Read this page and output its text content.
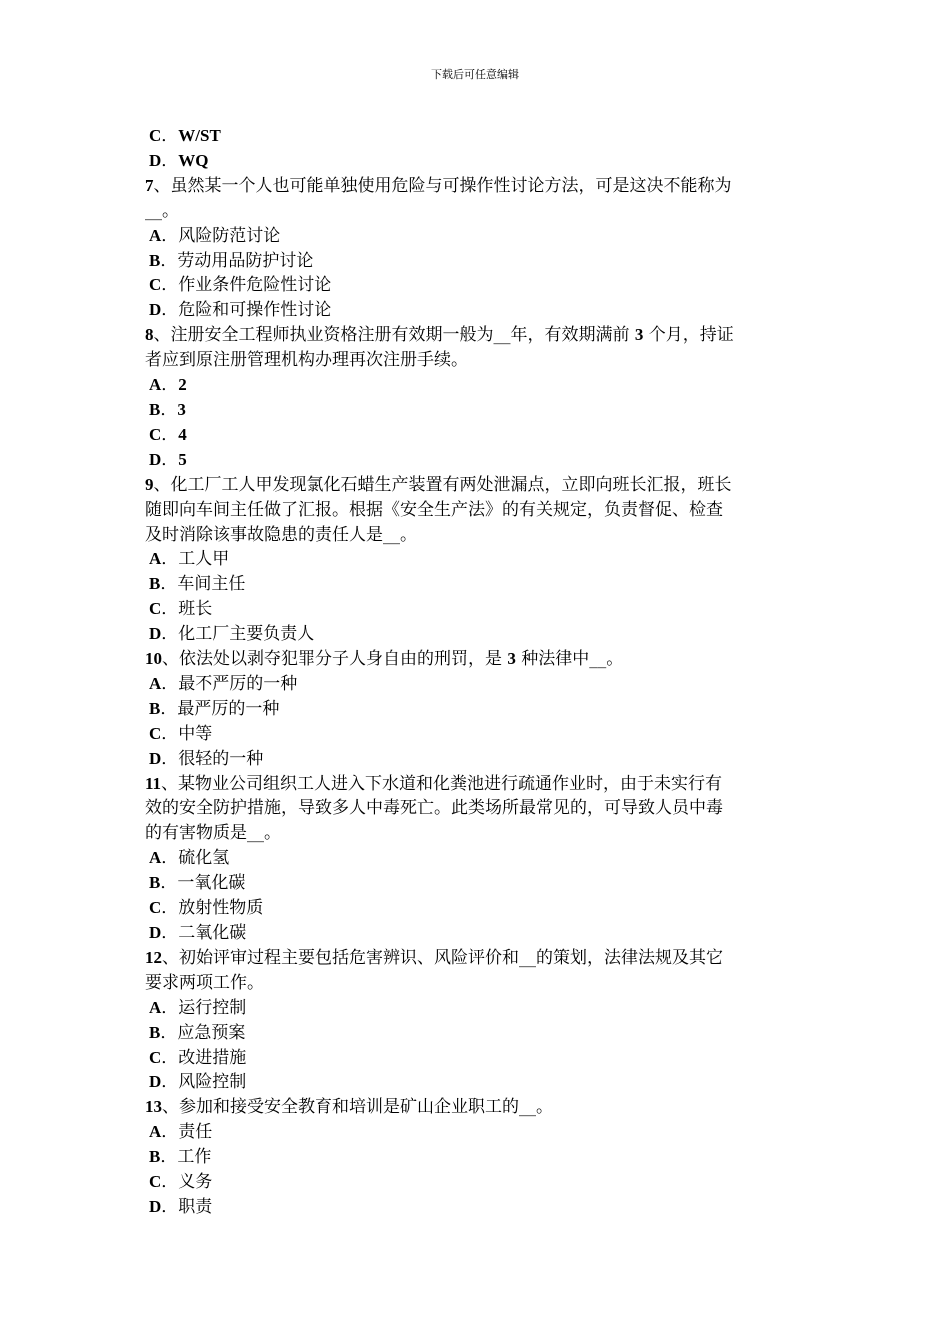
下载后可任意编辑
C．W/ST
D．WQ
7、虽然某一个人也可能单独使用危险与可操作性讨论方法，可是这决不能称为
__。
A．风险防范讨论
B．劳动用品防护讨论
C．作业条件危险性讨论
D．危险和可操作性讨论
8、注册安全工程师执业资格注册有效期一般为__年，有效期满前 3 个月，持证
者应到原注册管理机构办理再次注册手续。
A．2
B．3
C．4
D．5
9、化工厂工人甲发现氯化石蜡生产装置有两处泄漏点，立即向班长汇报，班长
随即向车间主任做了汇报。根据《安全生产法》的有关规定，负责督促、检查
及时消除该事故隐患的责任人是__。
A．工人甲
B．车间主任
C．班长
D．化工厂主要负责人
10、依法处以剥夺犯罪分子人身自由的刑罚，是 3 种法律中__。
A．最不严厉的一种
B．最严厉的一种
C．中等
D．很轻的一种
11、某物业公司组织工人进入下水道和化粪池进行疏通作业时，由于未实行有
效的安全防护措施，导致多人中毒死亡。此类场所最常见的，可导致人员中毒
的有害物质是__。
A．硫化氢
B．一氧化碳
C．放射性物质
D．二氧化碳
12、初始评审过程主要包括危害辨识、风险评价和__的策划，法律法规及其它
要求两项工作。
A．运行控制
B．应急预案
C．改进措施
D．风险控制
13、参加和接受安全教育和培训是矿山企业职工的__。
A．责任
B．工作
C．义务
D．职责
